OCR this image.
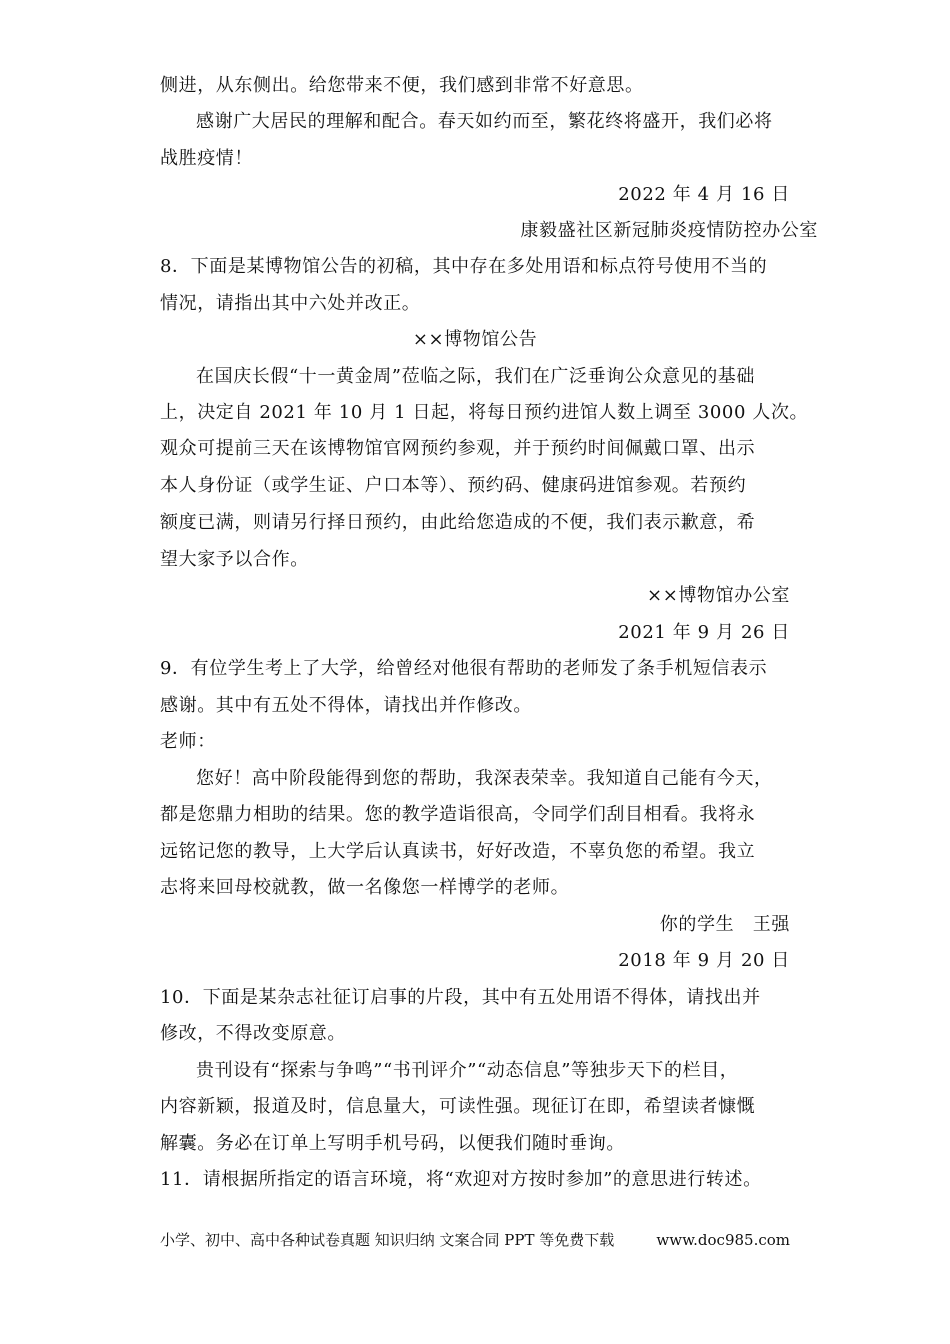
侧进，从东侧出。给您带来不便，我们感到非常不好意思。
感谢广大居民的理解和配合。春天如约而至，繁花终将盛开，我们必将
战胜疫情！
2022 年 4 月 16 日
康毅盛社区新冠肺炎疫情防控办公室
8．下面是某博物馆公告的初稿，其中存在多处用语和标点符号使用不当的
情况，请指出其中六处并改正。
××博物馆公告
在国庆长假“十一黄金周”莅临之际，我们在广泛垂询公众意见的基础
上，决定自 2021 年 10 月 1 日起，将每日预约进馆人数上调至 3000 人次。
观众可提前三天在该博物馆官网预约参观，并于预约时间佩戴口罩、出示
本人身份证（或学生证、户口本等）、预约码、健康码进馆参观。若预约
额度已满，则请另行择日预约，由此给您造成的不便，我们表示歉意，希
望大家予以合作。
××博物馆办公室
2021 年 9 月 26 日
9．有位学生考上了大学，给曾经对他很有帮助的老师发了条手机短信表示
感谢。其中有五处不得体，请找出并作修改。
老师：
您好！高中阶段能得到您的帮助，我深表荣幸。我知道自己能有今天，
都是您鼎力相助的结果。您的教学造诣很高，令同学们刮目相看。我将永
远铭记您的教导，上大学后认真读书，好好改造，不辜负您的希望。我立
志将来回母校就教，做一名像您一样博学的老师。
你的学生　王强
2018 年 9 月 20 日
10．下面是某杂志社征订启事的片段，其中有五处用语不得体，请找出并
修改，不得改变原意。
贵刊设有“探索与争鸣”“书刊评介”“动态信息”等独步天下的栏目，
内容新颖，报道及时，信息量大，可读性强。现征订在即，希望读者慷慨
解囊。务必在订单上写明手机号码，以便我们随时垂询。
11．请根据所指定的语言环境，将“欢迎对方按时参加”的意思进行转述。
小学、初中、高中各种试卷真题 知识归纳 文案合同 PPT 等免费下载	www.doc985.com
